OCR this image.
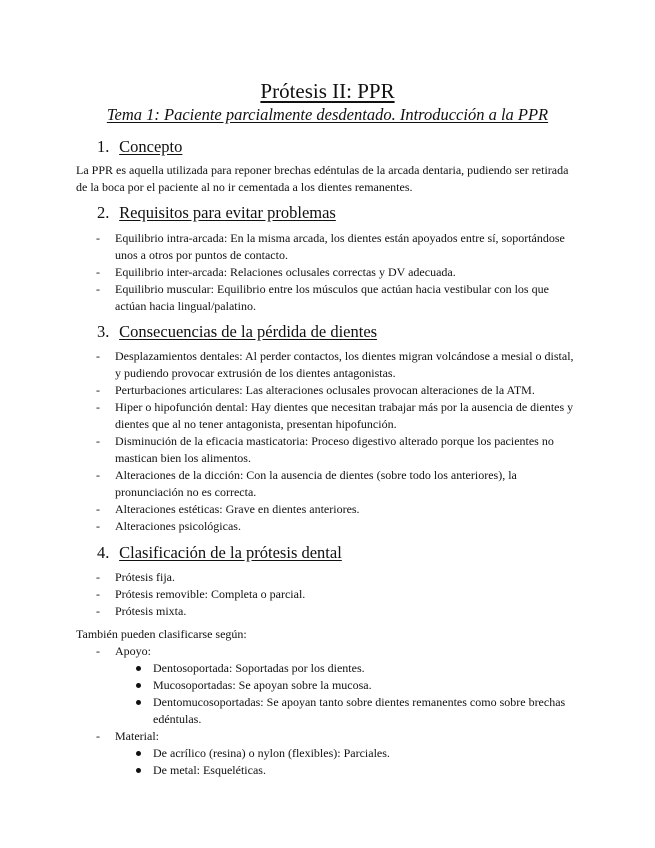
Prótesis II: PPR
Tema 1: Paciente parcialmente desdentado. Introducción a la PPR
1. Concepto
La PPR es aquella utilizada para reponer brechas edéntulas de la arcada dentaria, pudiendo ser retirada de la boca por el paciente al no ir cementada a los dientes remanentes.
2. Requisitos para evitar problemas
- Equilibrio intra-arcada: En la misma arcada, los dientes están apoyados entre sí, soportándose unos a otros por puntos de contacto.
- Equilibrio inter-arcada: Relaciones oclusales correctas y DV adecuada.
- Equilibrio muscular: Equilibrio entre los músculos que actúan hacia vestibular con los que actúan hacia lingual/palatino.
3. Consecuencias de la pérdida de dientes
- Desplazamientos dentales: Al perder contactos, los dientes migran volcándose a mesial o distal, y pudiendo provocar extrusión de los dientes antagonistas.
- Perturbaciones articulares: Las alteraciones oclusales provocan alteraciones de la ATM.
- Hiper o hipofunción dental: Hay dientes que necesitan trabajar más por la ausencia de dientes y dientes que al no tener antagonista, presentan hipofunción.
- Disminución de la eficacia masticatoria: Proceso digestivo alterado porque los pacientes no mastican bien los alimentos.
- Alteraciones de la dicción: Con la ausencia de dientes (sobre todo los anteriores), la pronunciación no es correcta.
- Alteraciones estéticas: Grave en dientes anteriores.
- Alteraciones psicológicas.
4. Clasificación de la prótesis dental
- Prótesis fija.
- Prótesis removible: Completa o parcial.
- Prótesis mixta.
También pueden clasificarse según:
- Apoyo:
Dentosoportada: Soportadas por los dientes.
Mucosoportadas: Se apoyan sobre la mucosa.
Dentomucosoportadas: Se apoyan tanto sobre dientes remanentes como sobre brechas edéntulas.
- Material:
De acrílico (resina) o nylon (flexibles): Parciales.
De metal: Esqueléticas.
